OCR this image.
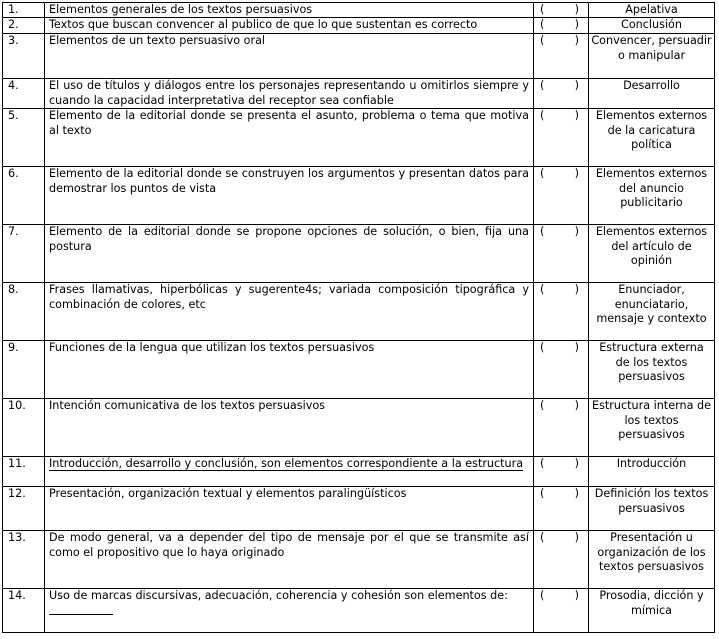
1.	Elementos generales de los textos persuasivos	( )	Apelativa
2.	Textos que buscan convencer al publico de que lo que sustentan es correcto	( )	Conclusión
3.	Elementos de un texto persuasivo oral	( )	Convencer, persuadir o manipular
4.	El uso de títulos y diálogos entre los personajes representando u omitirlos siempre y cuando la capacidad interpretativa del receptor sea confiable	( )	Desarrollo
5.	Elemento de la editorial donde se presenta el asunto, problema o tema que motiva al texto	( )	Elementos externos de la caricatura política
6.	Elemento de la editorial donde se construyen los argumentos y presentan datos para demostrar los puntos de vista	( )	Elementos externos del anuncio publicitario
7.	Elemento de la editorial donde se propone opciones de solución, o bien, fija una postura	( )	Elementos externos del artículo de opinión
8.	Frases llamativas, hiperbólicas y sugerente4s; variada composición tipográfica y combinación de colores, etc	( )	Enunciador, enunciatario, mensaje y contexto
9.	Funciones de la lengua que utilizan los textos persuasivos	( )	Estructura externa de los textos persuasivos
10.	Intención comunicativa de los textos persuasivos	( )	Estructura interna de los textos persuasivos
11.	Introducción, desarrollo y conclusión, son elementos correspondiente a la estructura	( )	Introducción
12.	Presentación, organización textual y elementos paralingüísticos	( )	Definición los textos persuasivos
13.	De modo general, va a depender del tipo de mensaje por el que se transmite así como el propositivo que lo haya originado	( )	Presentación u organización de los textos persuasivos
14.	Uso de marcas discursivas, adecuación, coherencia y cohesión son elementos de:	( )	Prosodia, dicción y mímica
